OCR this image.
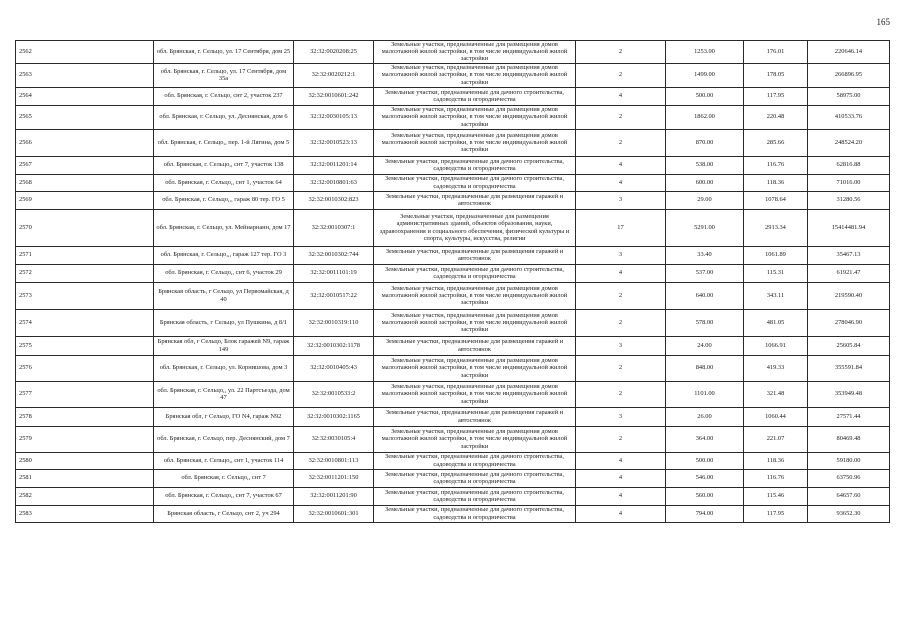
165
2562	обл. Брянская, г. Сельцо, ул. 17 Сентября, дом 25	32:32:0020208:25	Земельные участки, предназначенные для размещения домов малоэтажной жилой застройки, в том числе индивидуальной жилой застройки	2	1253.00	176.01	220646.14
2563	обл. Брянская, г. Сельцо, ул. 17 Сентября, дом 35а	32:32:0020212:1	Земельные участки, предназначенные для размещения домов малоэтажной жилой застройки, в том числе индивидуальной жилой застройки	2	1499.00	178.05	266896.95
2564	обл. Брянская, г. Сельцо, снт 2, участок 237	32:32:0010601:242	Земельные участки, предназначенные для дачного строительства, садоводства и огородничества	4	500.00	117.95	58975.00
2565	обл. Брянская, г. Сельцо, ул. Деснянская, дом 6	32:32:0030105:13	Земельные участки, предназначенные для размещения домов малоэтажной жилой застройки, в том числе индивидуальной жилой застройки	2	1862.00	220.48	410533.76
2566	обл. Брянская, г. Сельцо,, пер. 1-й Лягина, дом 5	32:32:0010523:13	Земельные участки, предназначенные для размещения домов малоэтажной жилой застройки, в том числе индивидуальной жилой застройки	2	870.00	285.66	248524.20
2567	обл. Брянская, г. Сельцо,, снт 7, участок 138	32:32:0011201:14	Земельные участки, предназначенные для дачного строительства, садоводства и огородничества	4	538.00	116.76	62816.88
2568	обл. Брянская, г. Сельцо,, снт 1, участок 64	32:32:0010801:63	Земельные участки, предназначенные для дачного строительства, садоводства и огородничества	4	600.00	118.36	71016.00
2569	обл. Брянская, г. Сельцо,,, гараж 80 тер. ГО 5	32:32:0010302:823	Земельные участки, предназначенные для размещения гаражей и автостоянок	3	29.00	1078.64	31280.56
2570	обл. Брянская, г. Сельцо, ул. Мейнарнанн, дом 17	32:32:0010307:1	Земельные участки, предназначенные для размещения административных зданий, объектов образования, науки, здравоохранения и социального обеспечения, физической культуры и спорта, культуры, искусства, религии	17	5291.00	2913.34	15414481.94
2571	обл. Брянская, г. Сельцо,,, гараж 127 тер. ГО 3	32:32:0010302:744	Земельные участки, предназначенные для размещения гаражей и автостоянок	3	33.40	1061.89	35467.13
2572	обл. Брянская, г. Сельцо,, снт 6, участок 29	32:32:0011101:19	Земельные участки, предназначенные для дачного строительства, садоводства и огородничества	4	537.00	115.31	61921.47
2573	Брянская область, г Сельцо, ул Первомайская, д 40	32:32:0010517:22	Земельные участки, предназначенные для размещения домов малоэтажной жилой застройки, в том числе индивидуальной жилой застройки	2	640.00	343.11	219590.40
2574	Брянская область, г Сельцо, ул Пушкина, д 8/1	32:32:0010319:110	Земельные участки, предназначенные для размещения домов малоэтажной жилой застройки, в том числе индивидуальной жилой застройки	2	578.00	481.05	278046.90
2575	Брянская обл, г Сельцо, Блок гаражей N9, гараж 149	32:32:0010302:1178	Земельные участки, предназначенные для размещения гаражей и автостоянок	3	24.00	1066.91	25605.84
2576	обл. Брянская, г. Сельцо, ул. Корнишова, дом 3	32:32:0010405:43	Земельные участки, предназначенные для размещения домов малоэтажной жилой застройки, в том числе индивидуальной жилой застройки	2	848.00	419.33	355591.84
2577	обл. Брянская, г. Сельцо,, ул. 22 Партсъезда, дом 47	32:32:0010533:2	Земельные участки, предназначенные для размещения домов малоэтажной жилой застройки, в том числе индивидуальной жилой застройки	2	1101.00	321.48	353949.48
2578	Брянская обл, г Сельцо, ГО N4, гараж N92	32:32:0010302:1165	Земельные участки, предназначенные для размещения гаражей и автостоянок	3	26.00	1060.44	27571.44
2579	обл. Брянская, г. Сельцо, пер. Деснянский, дом 7	32:32:0030105:4	Земельные участки, предназначенные для размещения домов малоэтажной жилой застройки, в том числе индивидуальной жилой застройки	2	364.00	221.07	80469.48
2580	обл. Брянская, г. Сельцо,, снт 1, участок 114	32:32:0010801:113	Земельные участки, предназначенные для дачного строительства, садоводства и огородничества	4	500.00	118.36	59180.00
2581	обл. Брянская, г. Сельцо,, снт 7	32:32:0011201:150	Земельные участки, предназначенные для дачного строительства, садоводства и огородничества	4	546.00	116.76	63750.96
2582	обл. Брянская, г. Сельцо,, снт 7, участок 67	32:32:0011201:90	Земельные участки, предназначенные для дачного строительства, садоводства и огородничества	4	560.00	115.46	64657.60
2583	Брянская область, г Сельцо, снт 2, уч 294	32:32:0010601:301	Земельные участки, предназначенные для дачного строительства, садоводства и огородничества	4	794.00	117.95	93652.30
